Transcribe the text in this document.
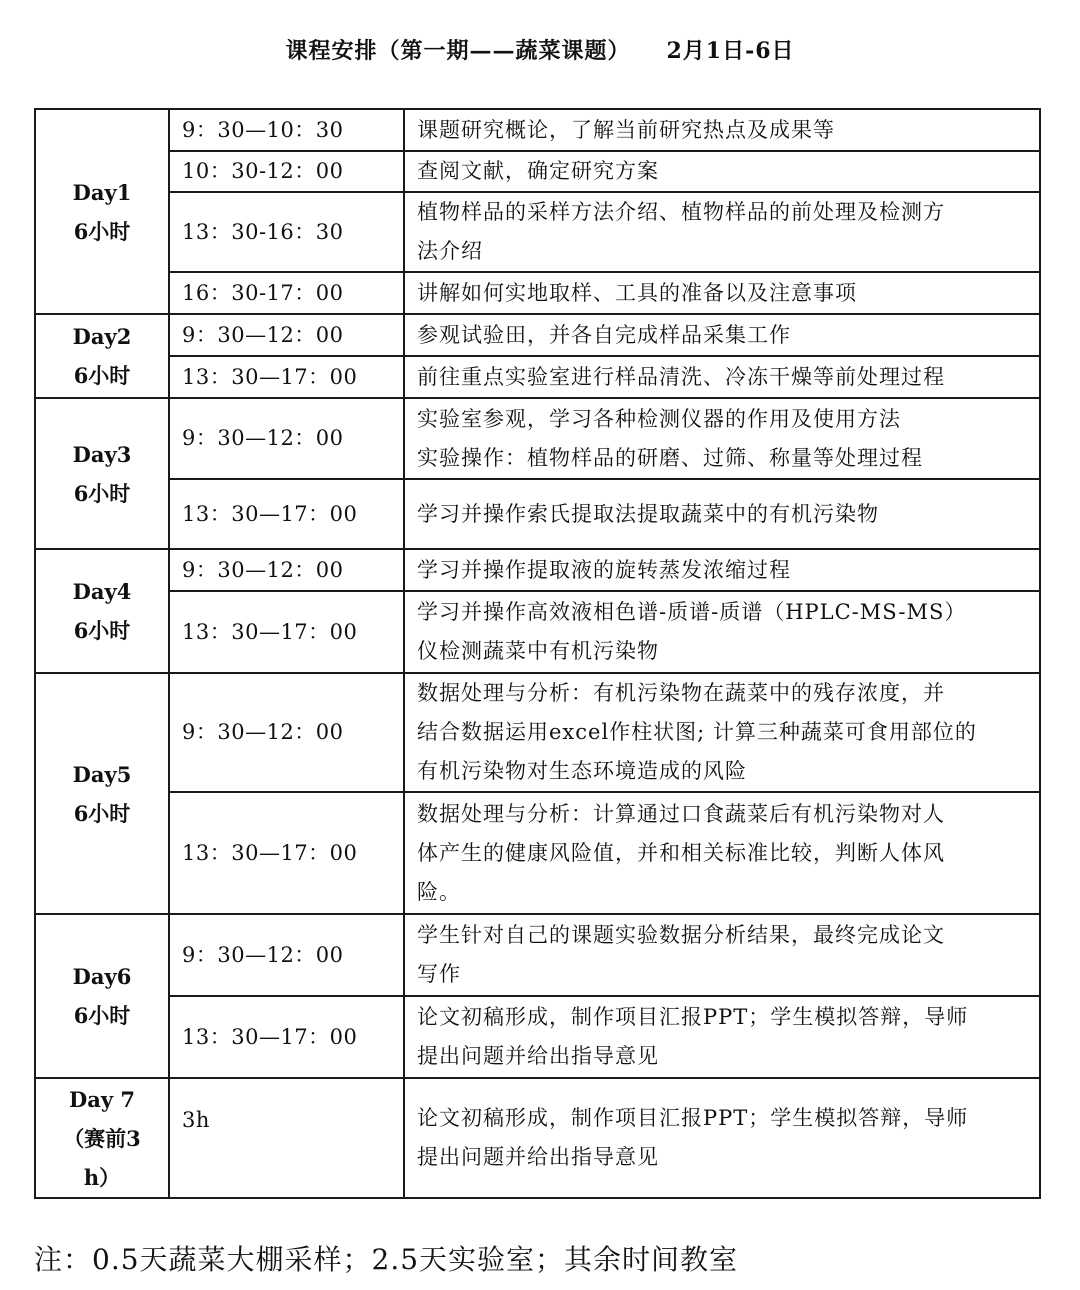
课程安排（第一期——蔬菜课题） 2月1日-6日
Day1
6小时	9：30—10：30	课题研究概论，了解当前研究热点及成果等

	10：30-12：00	查阅文献，确定研究方案

	13：30-16：30	植物样品的采样方法介绍、植物样品的前处理及检测方
法介绍

	16：30-17：00	讲解如何实地取样、工具的准备以及注意事项

Day2
6小时	9：30—12：00	参观试验田，并各自完成样品采集工作

	13：30—17：00	前往重点实验室进行样品清洗、冷冻干燥等前处理过程

Day3
6小时	9：30—12：00	实验室参观，学习各种检测仪器的作用及使用方法
实验操作：植物样品的研磨、过筛、称量等处理过程

	13：30—17：00	学习并操作索氏提取法提取蔬菜中的有机污染物

Day4
6小时	9：30—12：00	学习并操作提取液的旋转蒸发浓缩过程

	13：30—17：00	学习并操作高效液相色谱-质谱-质谱（HPLC-MS-MS）
仪检测蔬菜中有机污染物

Day5
6小时	9：30—12：00	数据处理与分析：有机污染物在蔬菜中的残存浓度，并
结合数据运用excel作柱状图; 计算三种蔬菜可食用部位的
有机污染物对生态环境造成的风险

	13：30—17：00	数据处理与分析：计算通过口食蔬菜后有机污染物对人
体产生的健康风险值，并和相关标准比较，判断人体风
险。

Day6
6小时	9：30—12：00	学生针对自己的课题实验数据分析结果，最终完成论文
写作

	13：30—17：00	论文初稿形成，制作项目汇报PPT；学生模拟答辩，导师
提出问题并给出指导意见

Day 7
（赛前3
h）	3h	论文初稿形成，制作项目汇报PPT；学生模拟答辩，导师
提出问题并给出指导意见
注：0.5天蔬菜大棚采样；2.5天实验室；其余时间教室
